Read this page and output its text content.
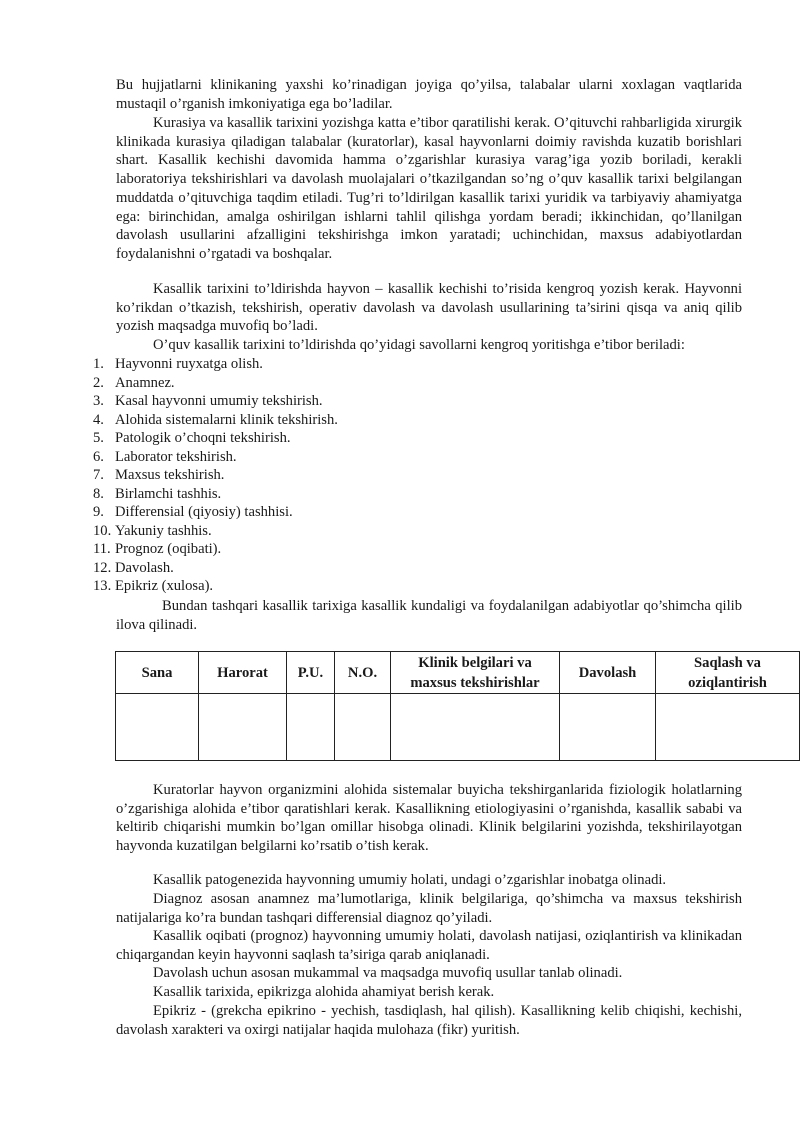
Bu hujjatlarni klinikaning yaxshi ko’rinadigan joyiga qo’yilsa, talabalar ularni xoxlagan vaqtlarida mustaqil o’rganish imkoniyatiga ega bo’ladilar.

Kurasiya va kasallik tarixini yozishga katta e’tibor qaratilishi kerak. O’qituvchi rahbarligida xirurgik klinikada kurasiya qiladigan talabalar (kuratorlar), kasal hayvonlarni doimiy ravishda kuzatib borishlari shart. Kasallik kechishi davomida hamma o’zgarishlar kurasiya varag’iga yozib boriladi, kerakli laboratoriya tekshirishlari va davolash muolajalari o’tkazilgandan so’ng o’quv kasallik tarixi belgilangan muddatda o’qituvchiga taqdim etiladi. Tug’ri to’ldirilgan kasallik tarixi yuridik va tarbiyaviy ahamiyatga ega: birinchidan, amalga oshirilgan ishlarni tahlil qilishga yordam beradi; ikkinchidan, qo’llanilgan davolash usullarini afzalligini tekshirishga imkon yaratadi; uchinchidan, maxsus adabiyotlardan foydalanishni o’rgatadi va boshqalar.

Kasallik tarixini to’ldirishda hayvon – kasallik kechishi to’risida kengroq yozish kerak. Hayvonni ko’rikdan o’tkazish, tekshirish, operativ davolash va davolash usullarining ta’sirini qisqa va aniq qilib yozish maqsadga muvofiq bo’ladi.

O’quv kasallik tarixini to’ldirishda qo’yidagi savollarni kengroq yoritishga e’tibor beriladi:

1. Hayvonni ruyxatga olish.
2. Anamnez.
3. Kasal hayvonni umumiy tekshirish.
4. Alohida sistemalarni klinik tekshirish.
5. Patologik o’choqni tekshirish.
6. Laborator tekshirish.
7. Maxsus tekshirish.
8. Birlamchi tashhis.
9. Differensial (qiyosiy) tashhisi.
10. Yakuniy tashhis.
11. Prognoz (oqibati).
12. Davolash.
13. Epikriz (xulosa).

Bundan tashqari kasallik tarixiga kasallik kundaligi va foydalanilgan adabiyotlar qo’shimcha qilib ilova qilinadi.

Sana	Harorat	P.U.	N.O.	Klinik belgilari va maxsus tekshirishlar	Davolash	Saqlash va oziqlantirish

Kuratorlar hayvon organizmini alohida sistemalar buyicha tekshirganlarida fiziologik holatlarning o’zgarishiga alohida e’tibor qaratishlari kerak. Kasallikning etiologiyasini o’rganishda, kasallik sababi va keltirib chiqarishi mumkin bo’lgan omillar hisobga olinadi. Klinik belgilarini yozishda, tekshirilayotgan hayvonda kuzatilgan belgilarni ko’rsatib o’tish kerak.

Kasallik patogenezida hayvonning umumiy holati, undagi o’zgarishlar inobatga olinadi.

Diagnoz asosan anamnez ma’lumotlariga, klinik belgilariga, qo’shimcha va maxsus tekshirish natijalariga ko’ra bundan tashqari differensial diagnoz qo’yiladi.

Kasallik oqibati (prognoz) hayvonning umumiy holati, davolash natijasi, oziqlantirish va klinikadan chiqargandan keyin hayvonni saqlash ta’siriga qarab aniqlanadi.

Davolash uchun asosan mukammal va maqsadga muvofiq usullar tanlab olinadi.

Kasallik tarixida, epikrizga alohida ahamiyat berish kerak.

Epikriz - (grekcha epikrino - yechish, tasdiqlash, hal qilish). Kasallikning kelib chiqishi, kechishi, davolash xarakteri va oxirgi natijalar haqida mulohaza (fikr) yuritish.
